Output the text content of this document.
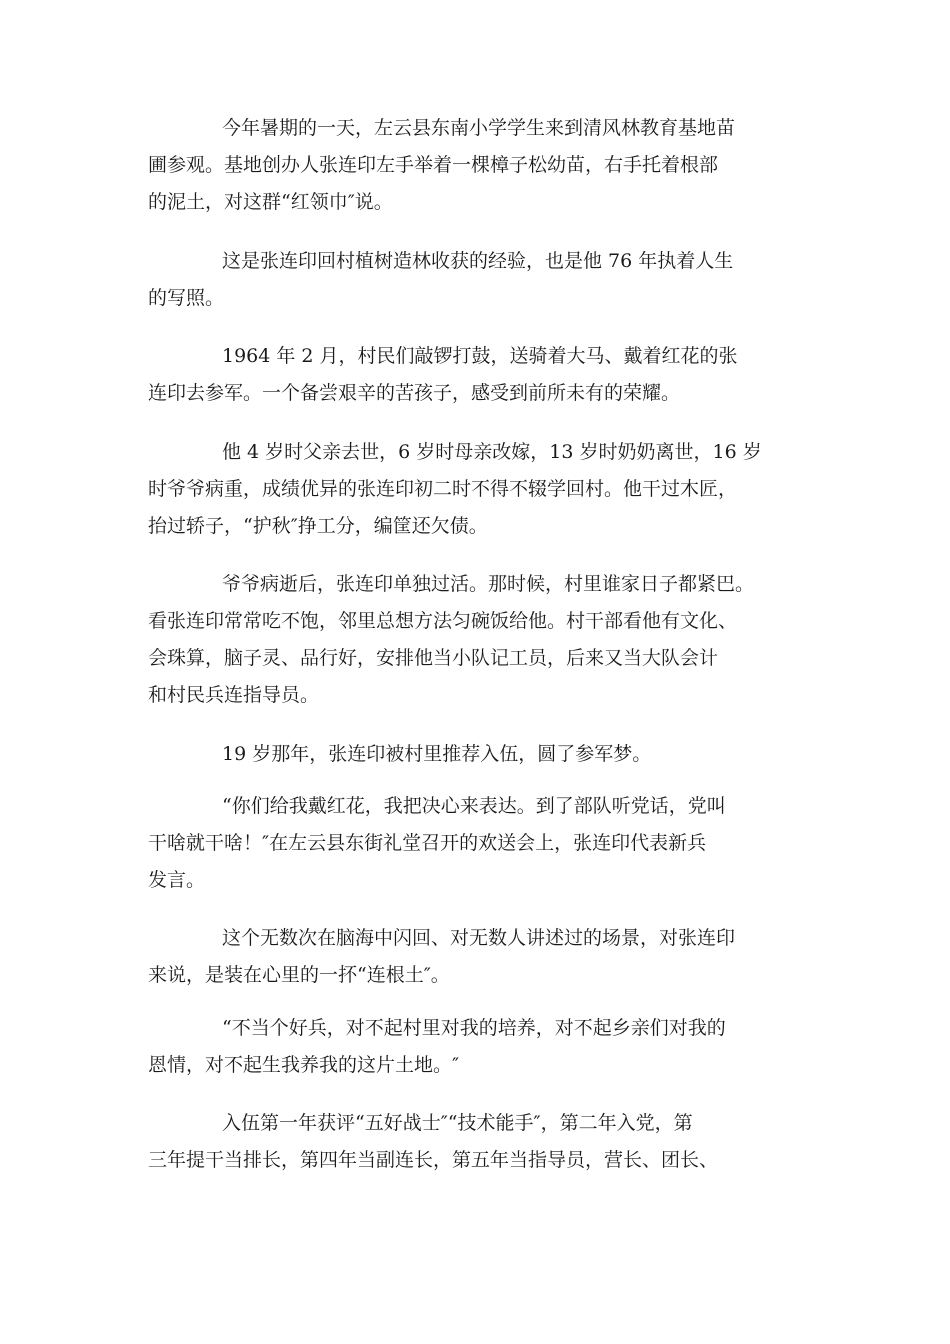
今年暑期的一天，左云县东南小学学生来到清风林教育基地苗
圃参观。基地创办人张连印左手举着一棵樟子松幼苗，右手托着根部
的泥土，对这群“红领巾″说。
这是张连印回村植树造林收获的经验，也是他 76 年执着人生
的写照。
1964 年 2 月，村民们敲锣打鼓，送骑着大马、戴着红花的张
连印去参军。一个备尝艰辛的苦孩子，感受到前所未有的荣耀。
他 4 岁时父亲去世，6 岁时母亲改嫁，13 岁时奶奶离世，16 岁
时爷爷病重，成绩优异的张连印初二时不得不辍学回村。他干过木匠，
抬过轿子，“护秋″挣工分，编筐还欠债。
爷爷病逝后，张连印单独过活。那时候，村里谁家日子都紧巴。
看张连印常常吃不饱，邻里总想方法匀碗饭给他。村干部看他有文化、
会珠算，脑子灵、品行好，安排他当小队记工员，后来又当大队会计
和村民兵连指导员。
19 岁那年，张连印被村里推荐入伍，圆了参军梦。
“你们给我戴红花，我把决心来表达。到了部队听党话，党叫
干啥就干啥！″在左云县东街礼堂召开的欢送会上，张连印代表新兵
发言。
这个无数次在脑海中闪回、对无数人讲述过的场景，对张连印
来说，是装在心里的一抔“连根土″。
“不当个好兵，对不起村里对我的培养，对不起乡亲们对我的
恩情，对不起生我养我的这片土地。″
入伍第一年获评“五好战士″“技术能手″，第二年入党，第
三年提干当排长，第四年当副连长，第五年当指导员，营长、团长、
